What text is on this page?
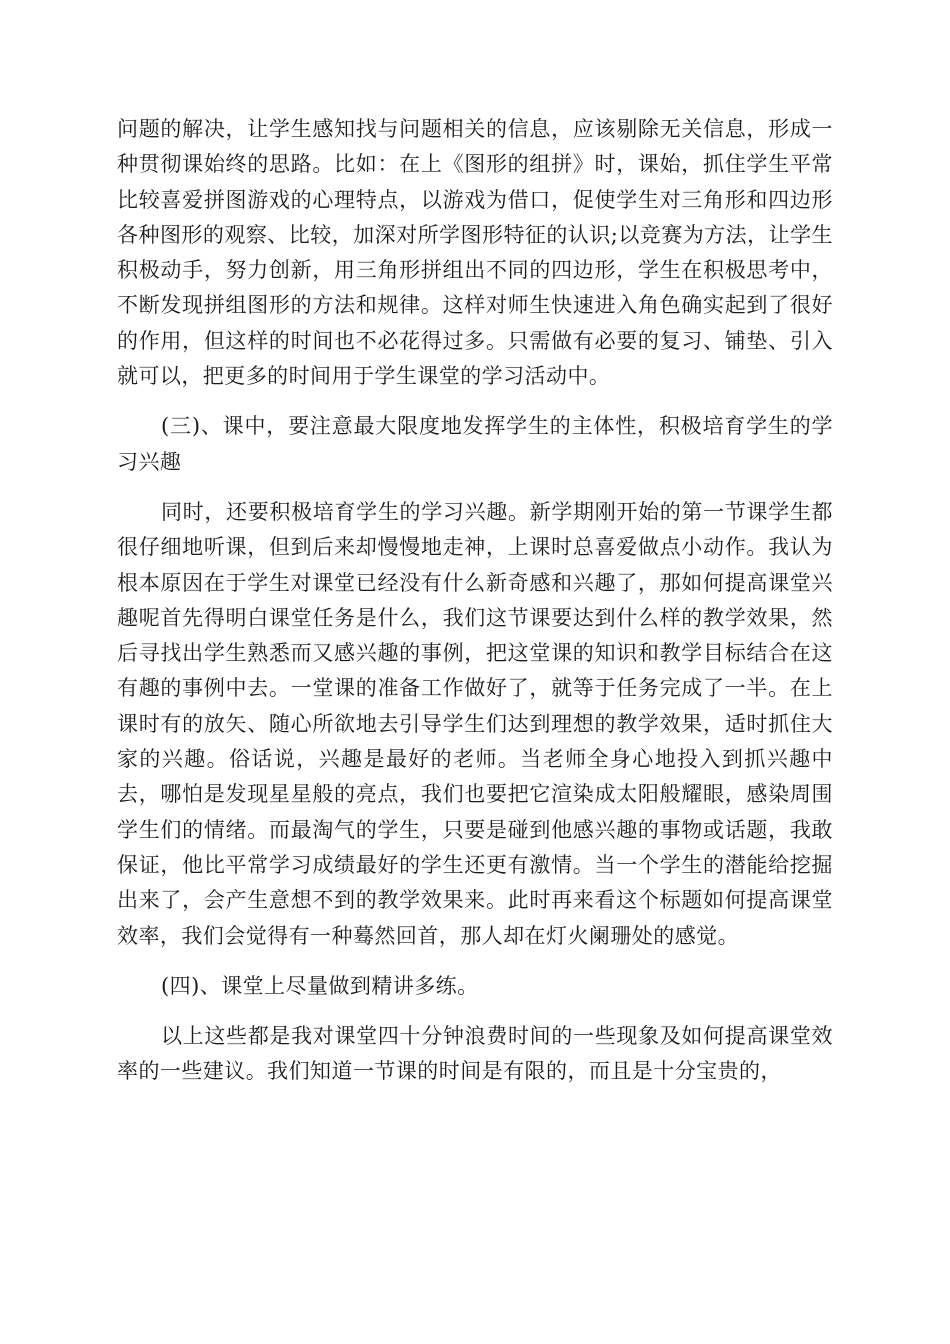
问题的解决，让学生感知找与问题相关的信息，应该剔除无关信息，形成一种贯彻课始终的思路。比如：在上《图形的组拼》时，课始，抓住学生平常比较喜爱拼图游戏的心理特点，以游戏为借口，促使学生对三角形和四边形各种图形的观察、比较，加深对所学图形特征的认识;以竞赛为方法，让学生积极动手，努力创新，用三角形拼组出不同的四边形，学生在积极思考中，不断发现拼组图形的方法和规律。这样对师生快速进入角色确实起到了很好的作用，但这样的时间也不必花得过多。只需做有必要的复习、铺垫、引入就可以，把更多的时间用于学生课堂的学习活动中。

(三)、课中，要注意最大限度地发挥学生的主体性，积极培育学生的学习兴趣

同时，还要积极培育学生的学习兴趣。新学期刚开始的第一节课学生都很仔细地听课，但到后来却慢慢地走神，上课时总喜爱做点小动作。我认为根本原因在于学生对课堂已经没有什么新奇感和兴趣了，那如何提高课堂兴趣呢首先得明白课堂任务是什么，我们这节课要达到什么样的教学效果，然后寻找出学生熟悉而又感兴趣的事例，把这堂课的知识和教学目标结合在这有趣的事例中去。一堂课的准备工作做好了，就等于任务完成了一半。在上课时有的放矢、随心所欲地去引导学生们达到理想的教学效果，适时抓住大家的兴趣。俗话说，兴趣是最好的老师。当老师全身心地投入到抓兴趣中去，哪怕是发现星星般的亮点，我们也要把它渲染成太阳般耀眼，感染周围学生们的情绪。而最淘气的学生，只要是碰到他感兴趣的事物或话题，我敢保证，他比平常学习成绩最好的学生还更有激情。当一个学生的潜能给挖掘出来了，会产生意想不到的教学效果来。此时再来看这个标题如何提高课堂效率，我们会觉得有一种蓦然回首，那人却在灯火阑珊处的感觉。

(四)、课堂上尽量做到精讲多练。

以上这些都是我对课堂四十分钟浪费时间的一些现象及如何提高课堂效率的一些建议。我们知道一节课的时间是有限的，而且是十分宝贵的，
